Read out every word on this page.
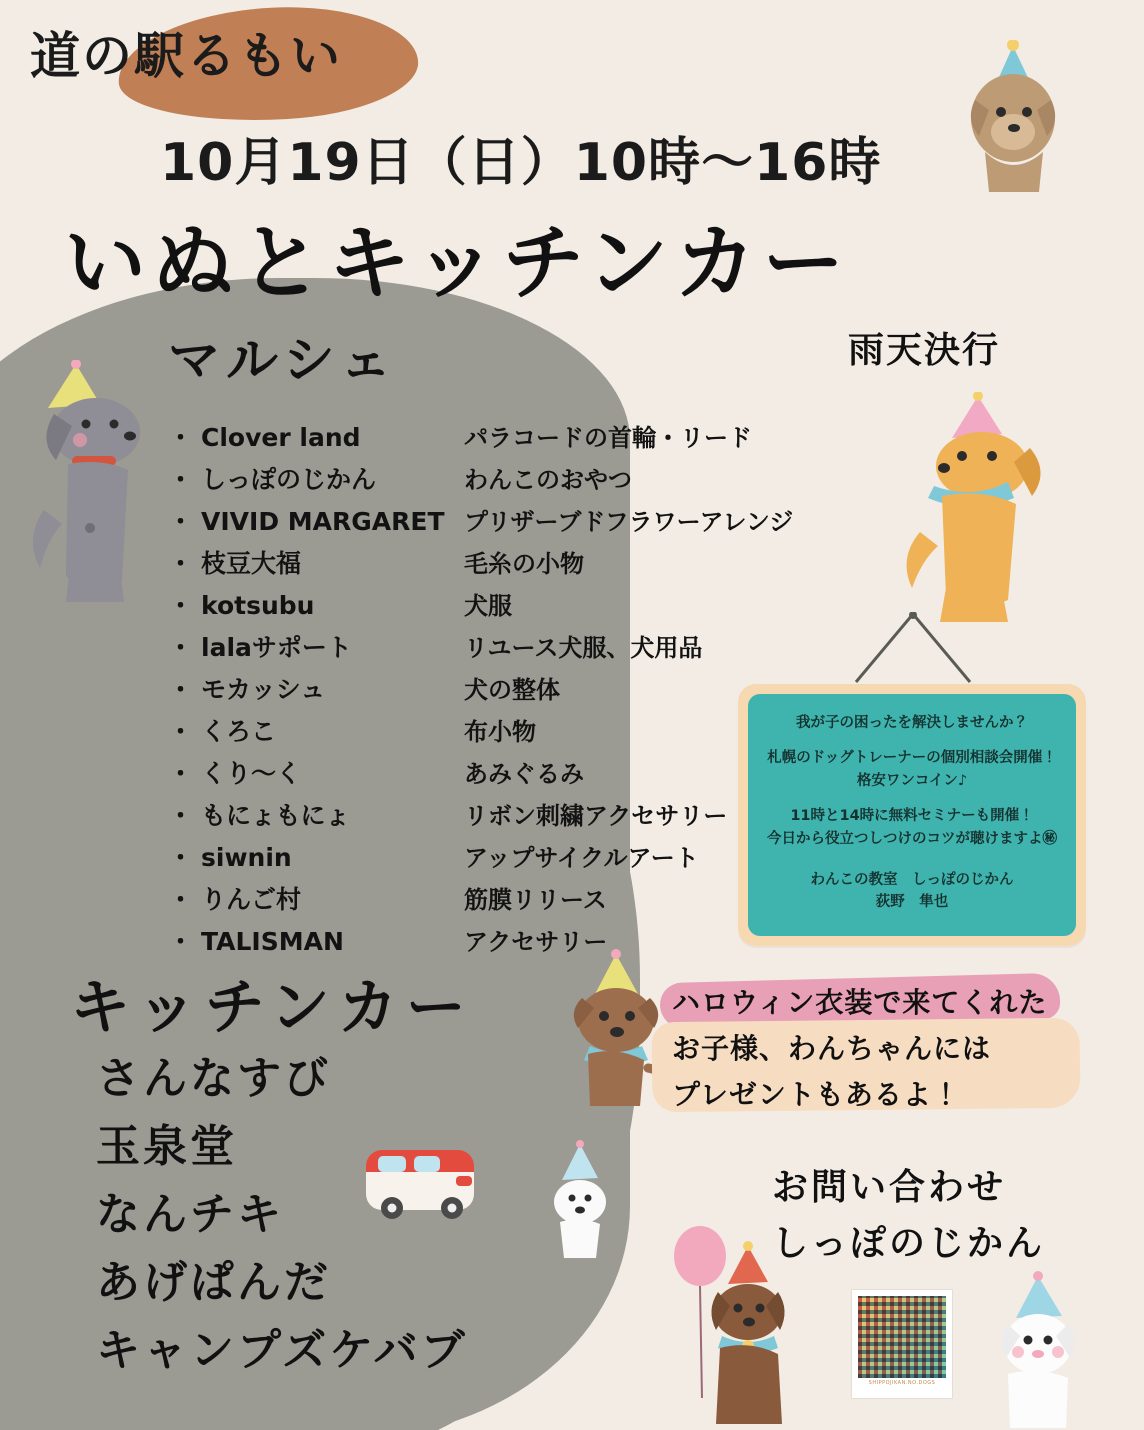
道の駅るもい
10月19日（日）10時〜16時
いぬとキッチンカー
マルシェ	雨天決行
・ Clover land	パラコードの首輪・リード
・ しっぽのじかん	わんこのおやつ
・ VIVID MARGARET プリザーブドフラワーアレンジ
・ 枝豆大福	毛糸の小物
・ kotsubu	犬服
・ lalaサポート	リユース犬服、犬用品
・ モカッシュ	犬の整体
・ くろこ	布小物
・ くり〜く	あみぐるみ
・ もにょもにょ	リボン刺繍アクセサリー
・ siwnin	アップサイクルアート
・ りんご村	筋膜リリース
・ TALISMAN	アクセサリー
我が子の困ったを解決しませんか？
札幌のドッグトレーナーの個別相談会開催！
格安ワンコイン♪
11時と14時に無料セミナーも開催！
今日から役立つしつけのコツが聴けますよ㊙
わんこの教室　しっぽのじかん
荻野　隼也
キッチンカー
さんなすび
玉泉堂
なんチキ
あげぱんだ
キャンプズケバブ
ハロウィン衣装で来てくれた
お子様、わんちゃんには
プレゼントもあるよ！
お問い合わせ
しっぽのじかん
SHIPPOJIKAN.NO.DOGS
